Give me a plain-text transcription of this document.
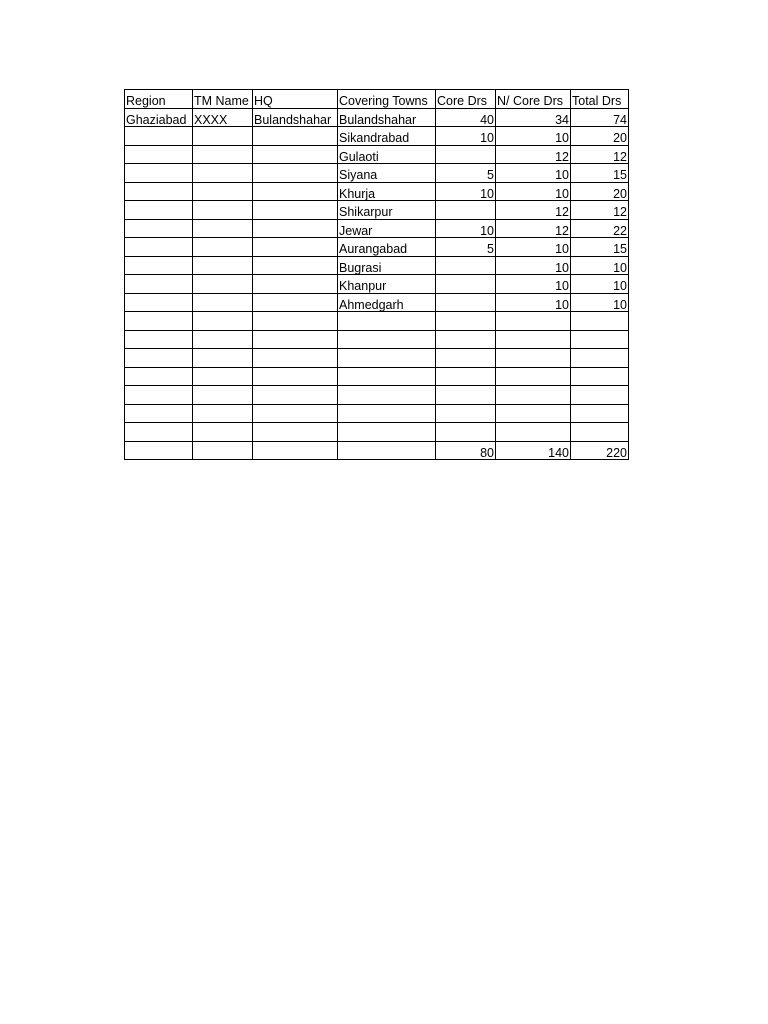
Region	TM Name	HQ	Covering Towns	Core Drs	N/ Core Drs	Total Drs
Ghaziabad	XXXX	Bulandshahar	Bulandshahar	40	34	74
			Sikandrabad	10	10	20
			Gulaoti		12	12
			Siyana	5	10	15
			Khurja	10	10	20
			Shikarpur		12	12
			Jewar	10	12	22
			Aurangabad	5	10	15
			Bugrasi		10	10
			Khanpur		10	10
			Ahmedgarh		10	10

				80	140	220
